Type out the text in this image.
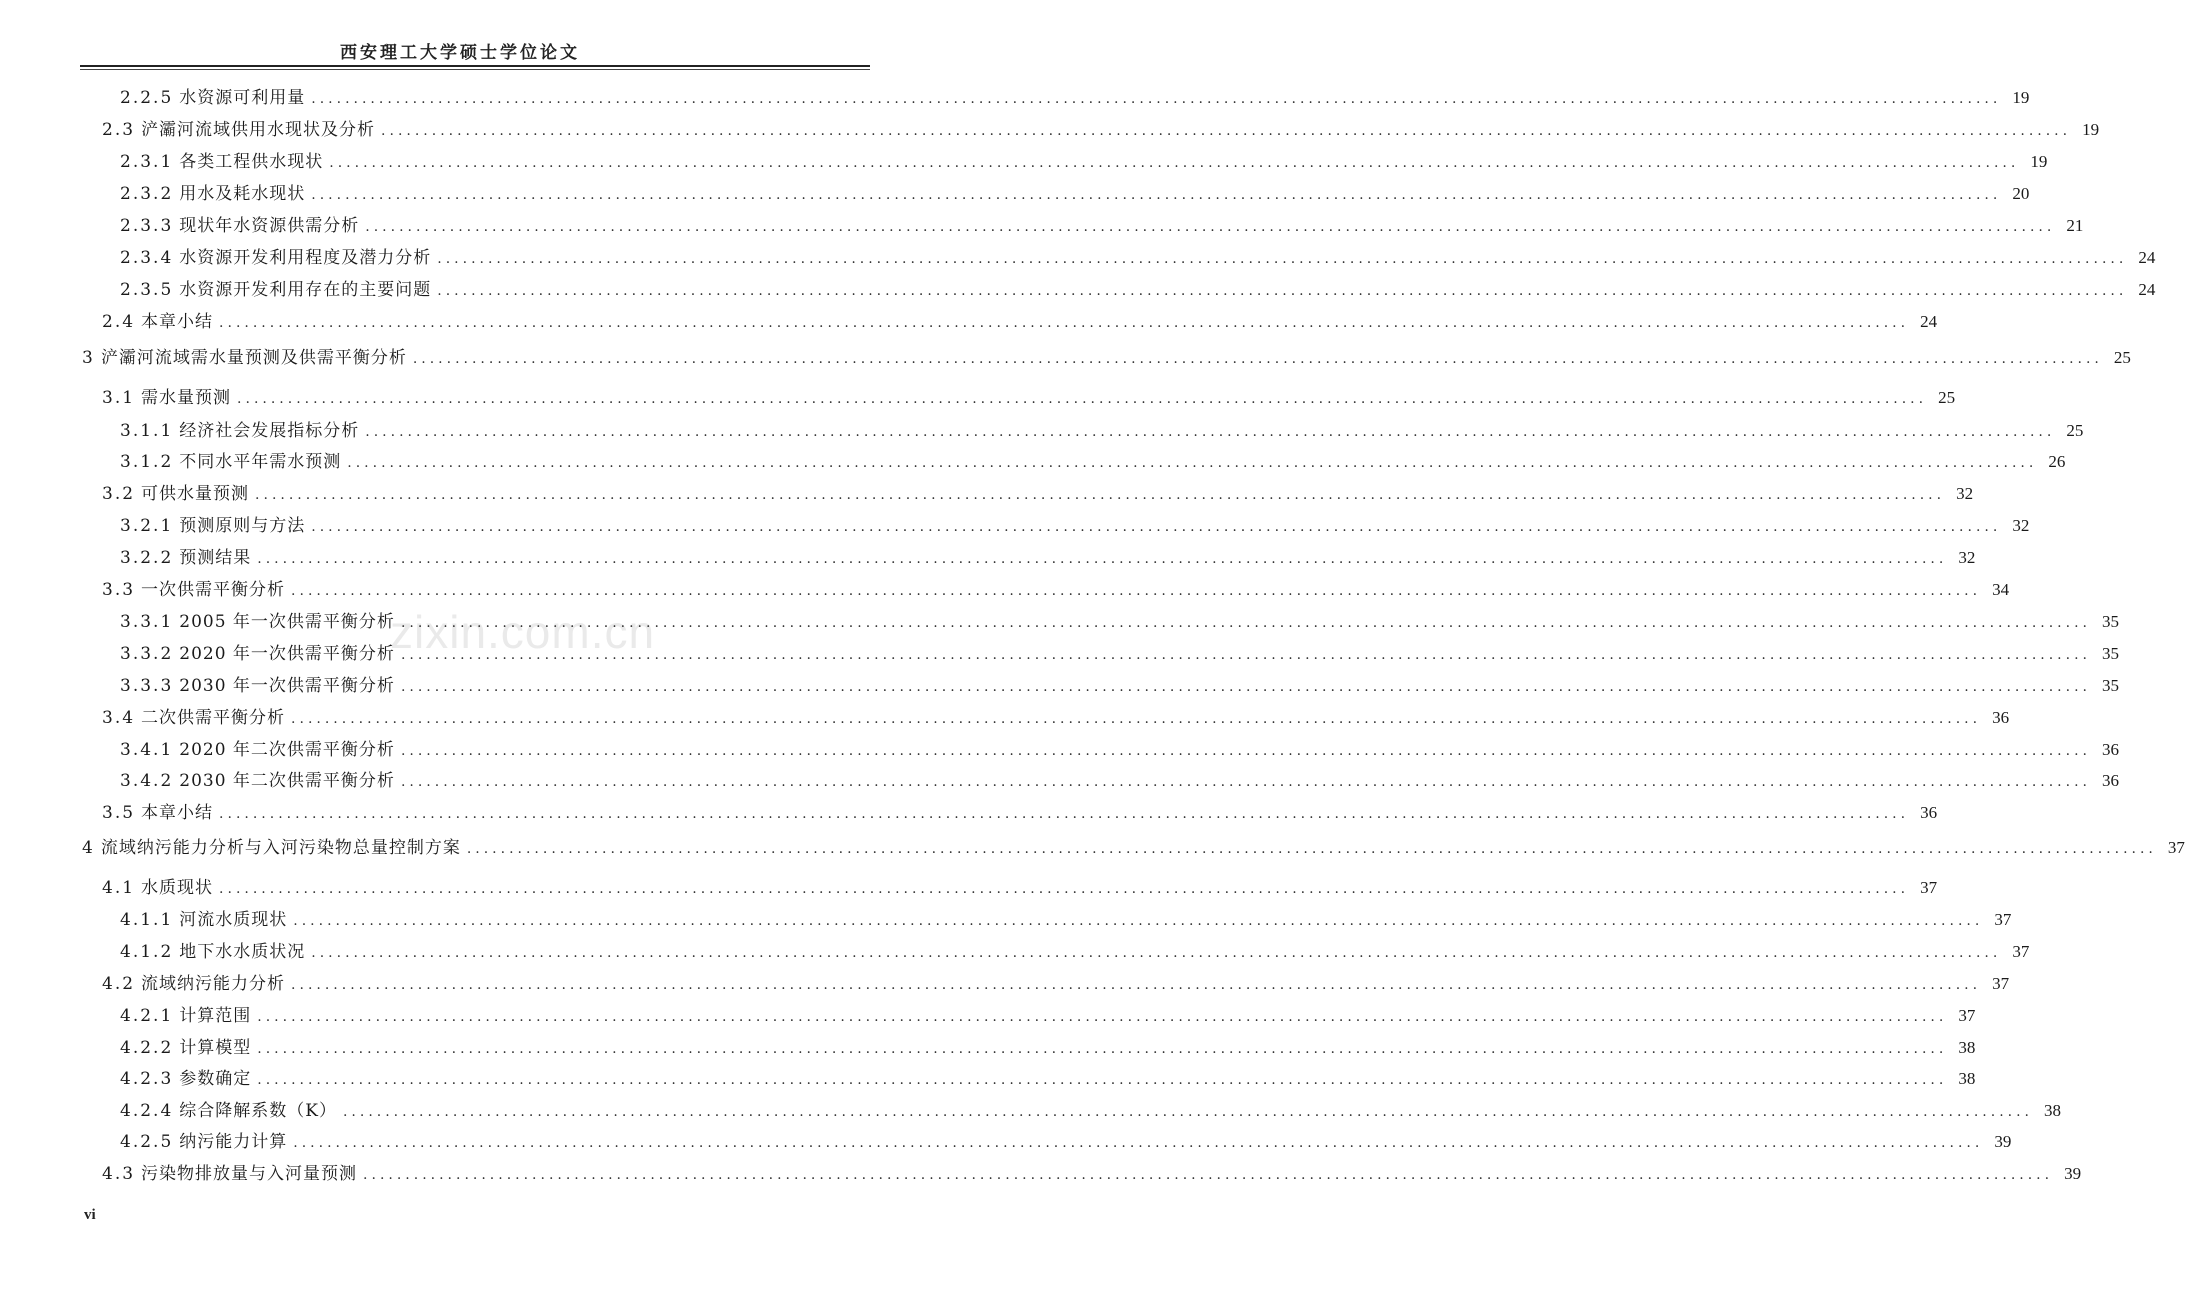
西安理工大学硕士学位论文
zixin.com.cn
2.2.5 水资源可利用量 ........................................................................................................................................................................................................ 19
2.3 浐灞河流域供用水现状及分析 ........................................................................................................................................................................................................ 19
2.3.1 各类工程供水现状 ........................................................................................................................................................................................................ 19
2.3.2 用水及耗水现状 ........................................................................................................................................................................................................ 20
2.3.3 现状年水资源供需分析 ........................................................................................................................................................................................................ 21
2.3.4 水资源开发利用程度及潜力分析 ........................................................................................................................................................................................................ 24
2.3.5 水资源开发利用存在的主要问题 ........................................................................................................................................................................................................ 24
2.4 本章小结 ........................................................................................................................................................................................................ 24
3 浐灞河流域需水量预测及供需平衡分析 ........................................................................................................................................................................................................ 25
3.1 需水量预测 ........................................................................................................................................................................................................ 25
3.1.1 经济社会发展指标分析 ........................................................................................................................................................................................................ 25
3.1.2 不同水平年需水预测 ........................................................................................................................................................................................................ 26
3.2 可供水量预测 ........................................................................................................................................................................................................ 32
3.2.1 预测原则与方法 ........................................................................................................................................................................................................ 32
3.2.2 预测结果 ........................................................................................................................................................................................................ 32
3.3 一次供需平衡分析 ........................................................................................................................................................................................................ 34
3.3.1 2005 年一次供需平衡分析 ........................................................................................................................................................................................................ 35
3.3.2 2020 年一次供需平衡分析 ........................................................................................................................................................................................................ 35
3.3.3 2030 年一次供需平衡分析 ........................................................................................................................................................................................................ 35
3.4 二次供需平衡分析 ........................................................................................................................................................................................................ 36
3.4.1 2020 年二次供需平衡分析 ........................................................................................................................................................................................................ 36
3.4.2 2030 年二次供需平衡分析 ........................................................................................................................................................................................................ 36
3.5 本章小结 ........................................................................................................................................................................................................ 36
4 流域纳污能力分析与入河污染物总量控制方案 ........................................................................................................................................................................................................ 37
4.1 水质现状 ........................................................................................................................................................................................................ 37
4.1.1 河流水质现状 ........................................................................................................................................................................................................ 37
4.1.2 地下水水质状况 ........................................................................................................................................................................................................ 37
4.2 流域纳污能力分析 ........................................................................................................................................................................................................ 37
4.2.1 计算范围 ........................................................................................................................................................................................................ 37
4.2.2 计算模型 ........................................................................................................................................................................................................ 38
4.2.3 参数确定 ........................................................................................................................................................................................................ 38
4.2.4 综合降解系数（K） ........................................................................................................................................................................................................ 38
4.2.5 纳污能力计算 ........................................................................................................................................................................................................ 39
4.3 污染物排放量与入河量预测 ........................................................................................................................................................................................................ 39
vi
